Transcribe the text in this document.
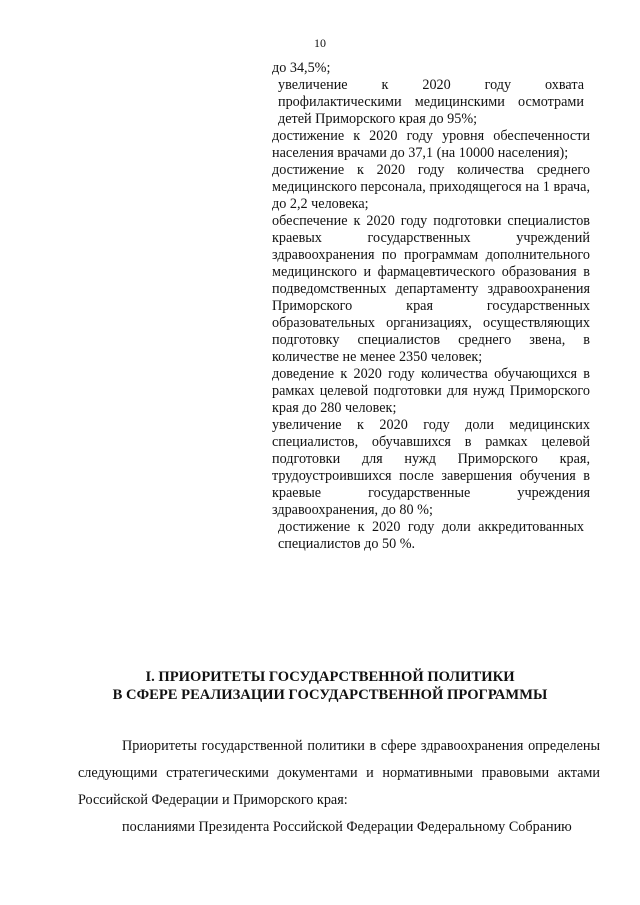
10

до 34,5%;

увеличение к 2020 году охвата профилактическими медицинскими осмотрами детей Приморского края до 95%;

достижение к 2020 году уровня обеспеченности населения врачами до 37,1 (на 10000 населения);

достижение к 2020 году количества среднего медицинского персонала, приходящегося на 1 врача, до 2,2 человека;

обеспечение к 2020 году подготовки специалистов краевых государственных учреждений здравоохранения по программам дополнительного медицинского и фармацевтического образования в подведомственных департаменту здравоохранения Приморского края государственных образовательных организациях, осуществляющих подготовку специалистов среднего звена, в количестве не менее 2350 человек;

доведение к 2020 году количества обучающихся в рамках целевой подготовки для нужд Приморского края до 280 человек;

увеличение к 2020 году доли медицинских специалистов, обучавшихся в рамках целевой подготовки для нужд Приморского края, трудоустроившихся после завершения обучения в краевые государственные учреждения здравоохранения, до 80 %;

достижение к 2020 году доли аккредитованных специалистов до 50 %.

I. ПРИОРИТЕТЫ ГОСУДАРСТВЕННОЙ ПОЛИТИКИ
В СФЕРЕ РЕАЛИЗАЦИИ ГОСУДАРСТВЕННОЙ ПРОГРАММЫ

Приоритеты государственной политики в сфере здравоохранения определены следующими стратегическими документами и нормативными правовыми актами Российской Федерации и Приморского края:

посланиями Президента Российской Федерации Федеральному Собранию
